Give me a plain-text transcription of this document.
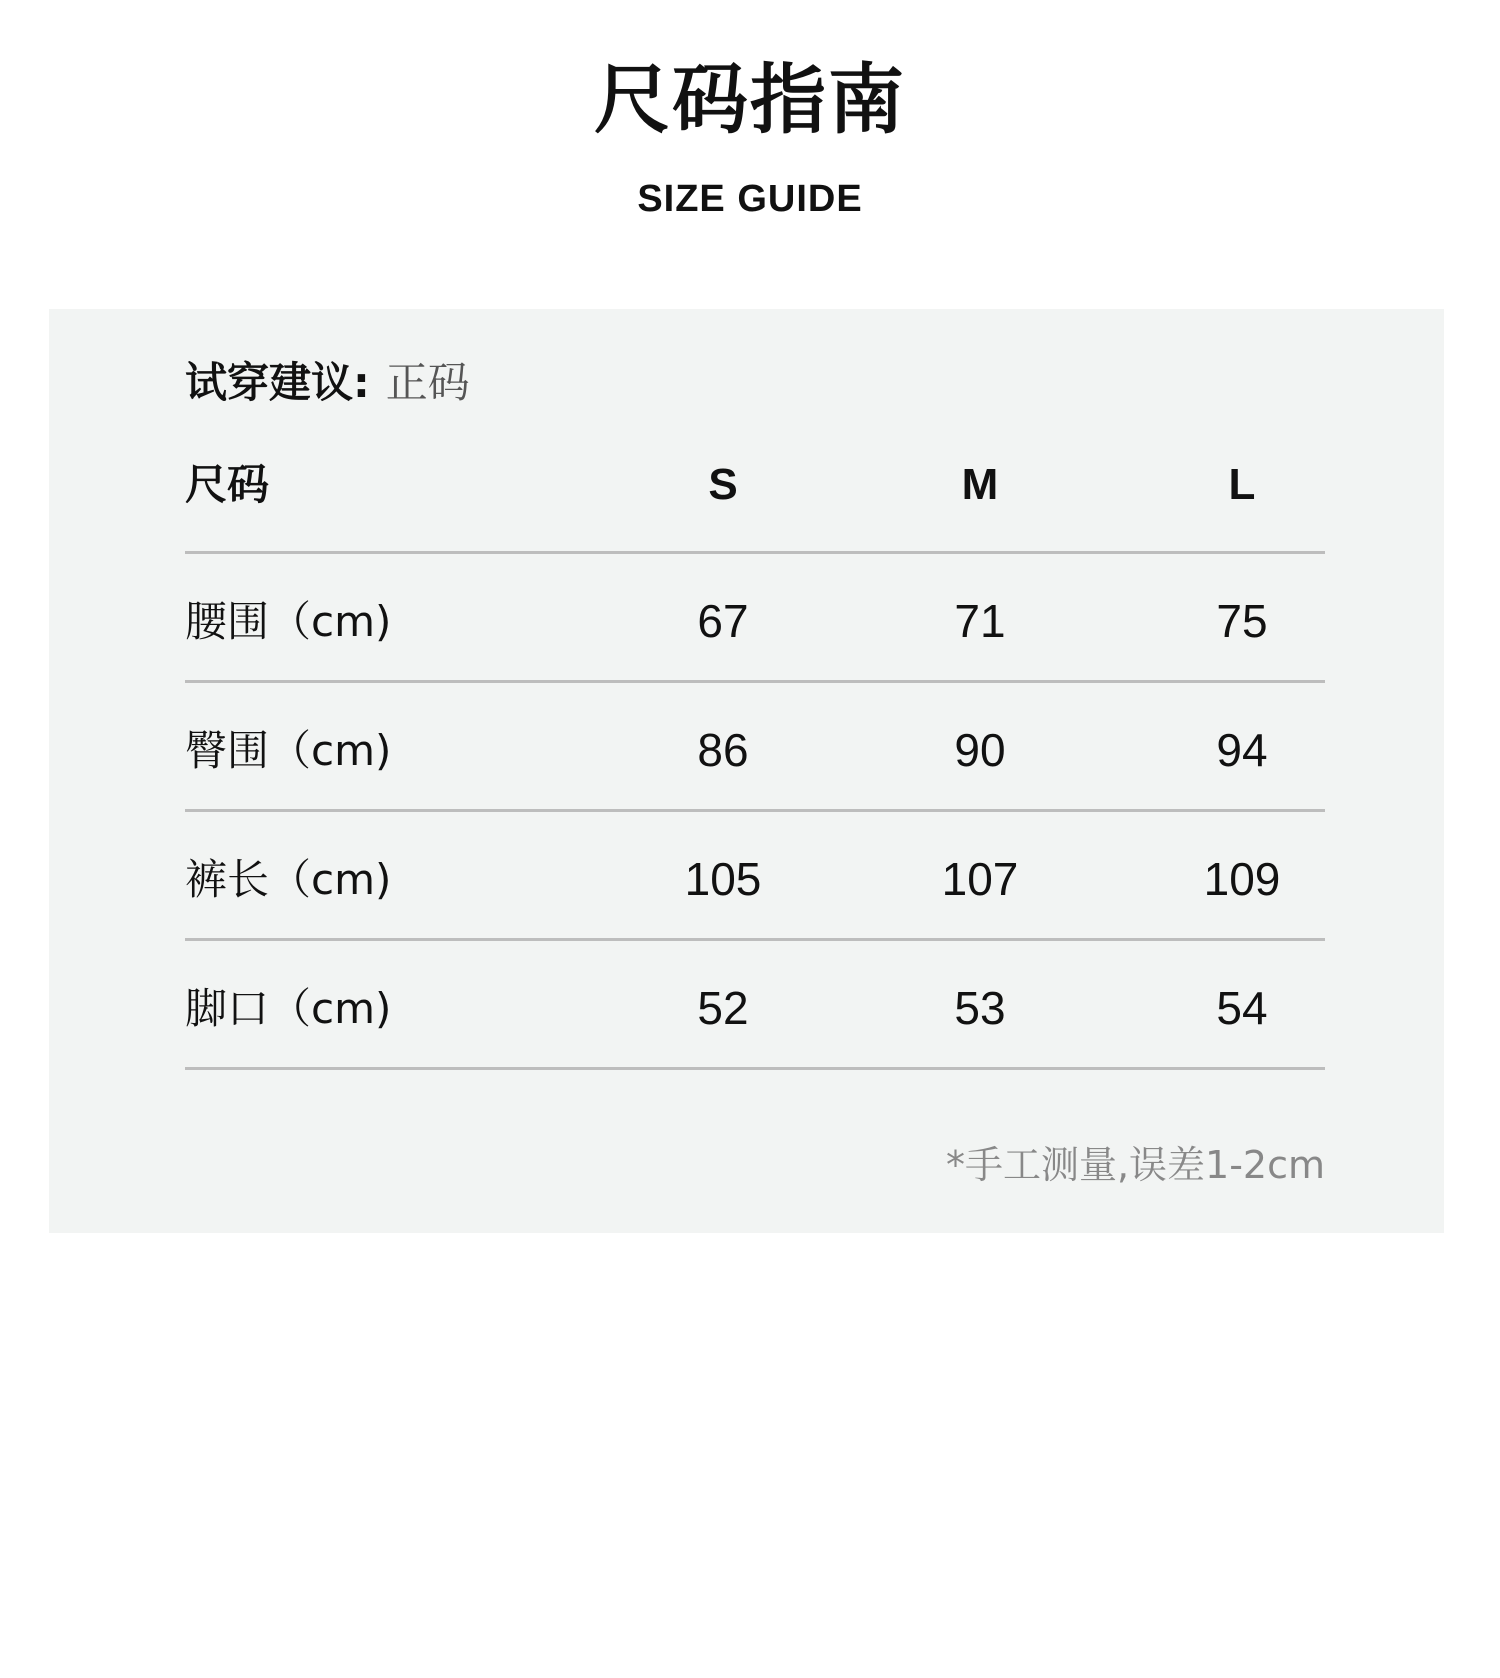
尺码指南
SIZE GUIDE
试穿建议: 正码
尺码	S	M	L
腰围（cm)	67	71	75
臀围（cm)	86	90	94
裤长（cm)	105	107	109
脚口（cm)	52	53	54
*手工测量,误差1-2cm
